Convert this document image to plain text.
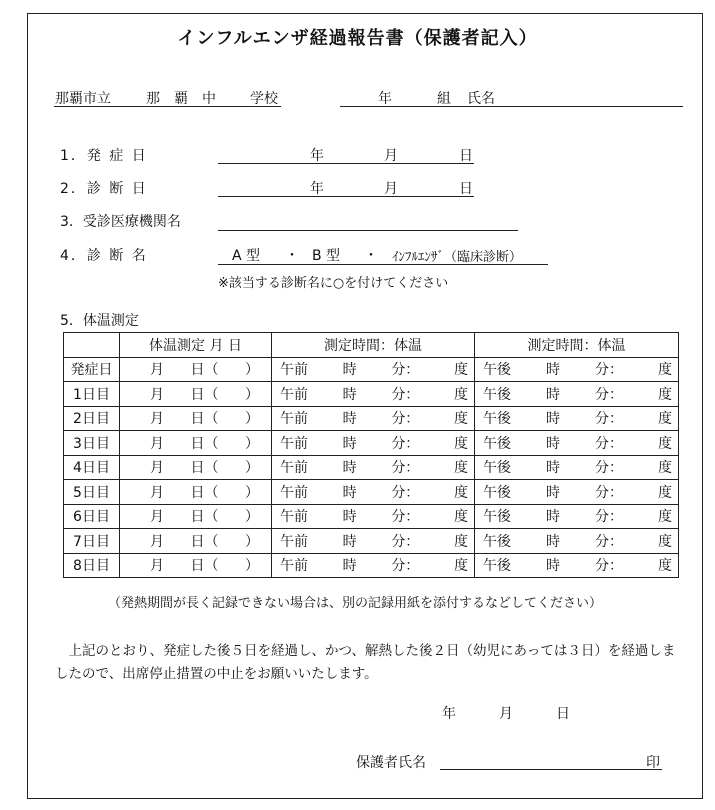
インフルエンザ経過報告書（保護者記入）
那覇市立	那　覇　中 学校	年	組 氏名
1．発 症 日	年	月	日
2．診 断 日	年	月	日
3．受診医療機関名
4．診 断 名	A 型 ・ B 型 ・ ｲﾝﾌﾙｴﾝｻﾞ（臨床診断）
※該当する診断名に○を付けてください
5．体温測定
	体温測定 月 日	測定時間：体温	測定時間：体温
発症日	月 日（ ）	午前 時 分： 度	午後 時 分： 度

1日目	月 日（ ）	午前 時 分： 度	午後 時 分： 度

2日目	月 日（ ）	午前 時 分： 度	午後 時 分： 度

3日目	月 日（ ）	午前 時 分： 度	午後 時 分： 度

4日目	月 日（ ）	午前 時 分： 度	午後 時 分： 度

5日目	月 日（ ）	午前 時 分： 度	午後 時 分： 度

6日目	月 日（ ）	午前 時 分： 度	午後 時 分： 度

7日目	月 日（ ）	午前 時 分： 度	午後 時 分： 度

8日目	月 日（ ）	午前 時 分： 度	午後 時 分： 度
（発熱期間が長く記録できない場合は、別の記録用紙を添付するなどしてください）
上記のとおり、発症した後５日を経過し、かつ、解熱した後２日（幼児にあっては３日）を経過しましたので、出席停止措置の中止をお願いいたします。
年	月	日
保護者氏名	印
